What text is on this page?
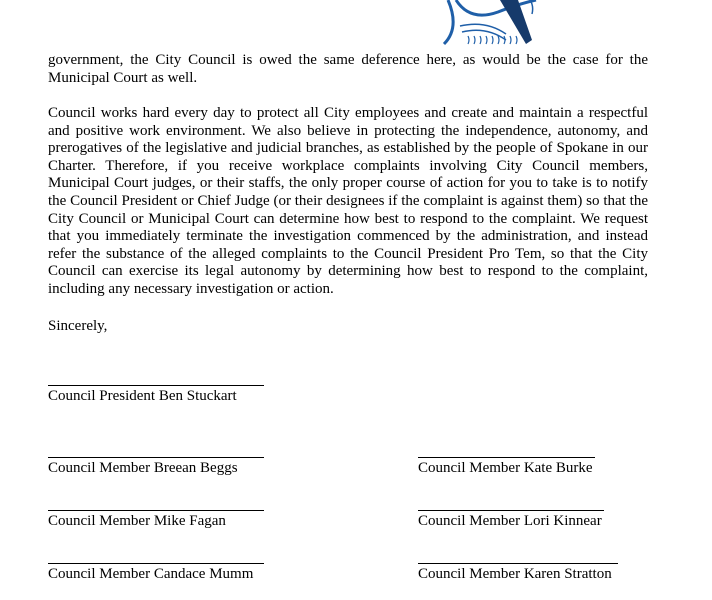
government, the City Council is owed the same deference here, as would be the case for the Municipal Court as well.

Council works hard every day to protect all City employees and create and maintain a respectful and positive work environment. We also believe in protecting the independence, autonomy, and prerogatives of the legislative and judicial branches, as established by the people of Spokane in our Charter. Therefore, if you receive workplace complaints involving City Council members, Municipal Court judges, or their staffs, the only proper course of action for you to take is to notify the Council President or Chief Judge (or their designees if the complaint is against them) so that the City Council or Municipal Court can determine how best to respond to the complaint. We request that you immediately terminate the investigation commenced by the administration, and instead refer the substance of the alleged complaints to the Council President Pro Tem, so that the City Council can exercise its legal autonomy by determining how best to respond to the complaint, including any necessary investigation or action.

Sincerely,
Council President Ben Stuckart
Council Member Breean Beggs	Council Member Kate Burke
Council Member Mike Fagan	Council Member Lori Kinnear
Council Member Candace Mumm	Council Member Karen Stratton
